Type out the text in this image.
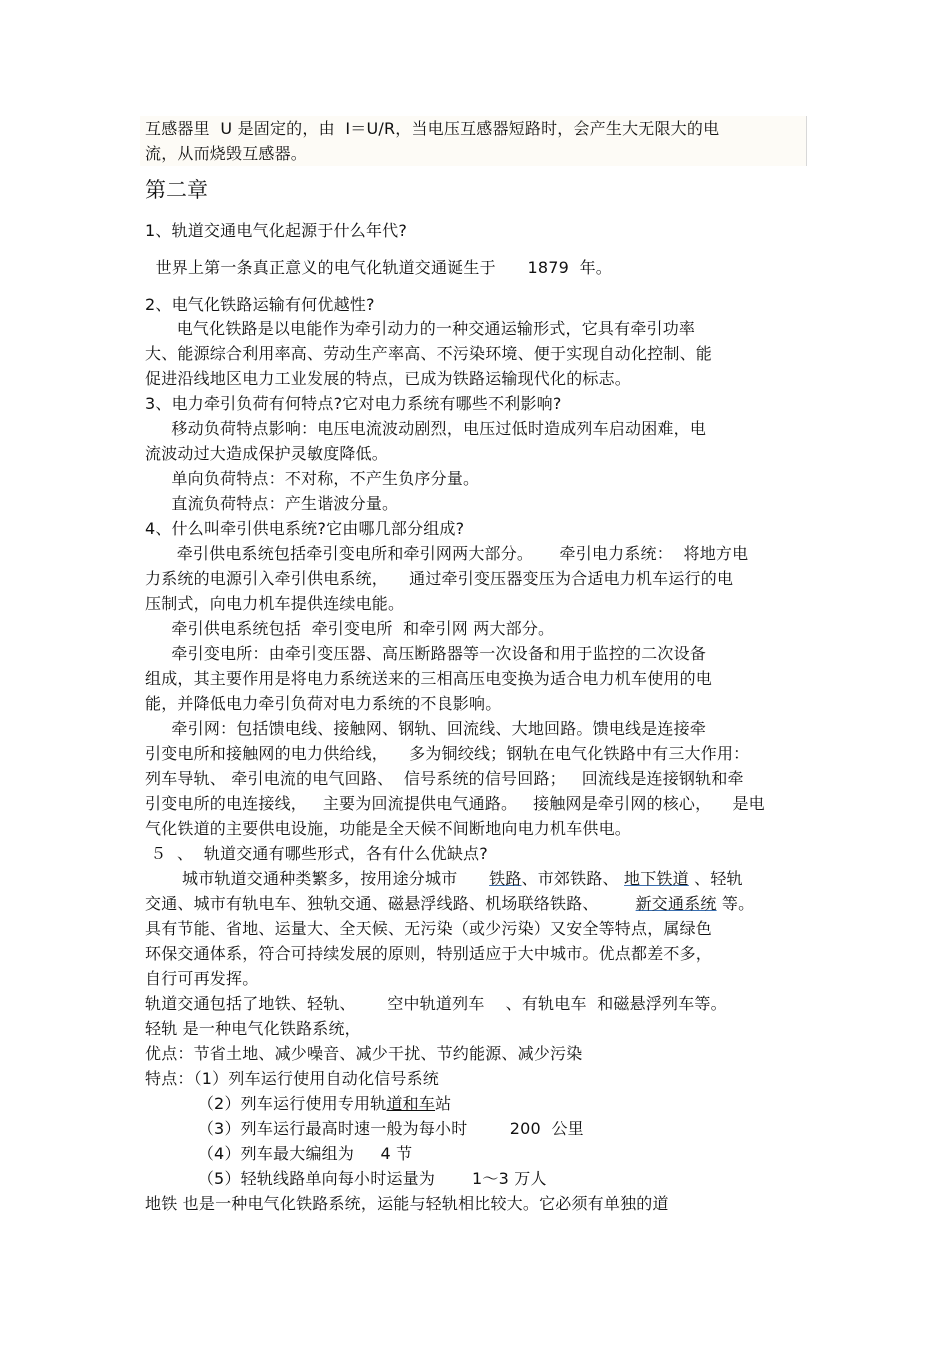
互感器里  U 是固定的，由  I＝U/R，当电压互感器短路时，会产生大无限大的电
流，从而烧毁互感器。
第二章
1、轨道交通电气化起源于什么年代?
世界上第一条真正意义的电气化轨道交通诞生于      1879  年。
2、电气化铁路运输有何优越性?
电气化铁路是以电能作为牵引动力的一种交通运输形式，它具有牵引功率
大、能源综合利用率高、劳动生产率高、不污染环境、便于实现自动化控制、能
促进沿线地区电力工业发展的特点，已成为铁路运输现代化的标志。
3、电力牵引负荷有何特点?它对电力系统有哪些不利影响?
移动负荷特点影响：电压电流波动剧烈，电压过低时造成列车启动困难，电
流波动过大造成保护灵敏度降低。
单向负荷特点：不对称，不产生负序分量。
直流负荷特点：产生谐波分量。
4、什么叫牵引供电系统?它由哪几部分组成?
牵引供电系统包括牵引变电所和牵引网两大部分。     牵引电力系统：  将地方电
力系统的电源引入牵引供电系统，    通过牵引变压器变压为合适电力机车运行的电
压制式，向电力机车提供连续电能。
牵引供电系统包括  牵引变电所  和牵引网 两大部分。
牵引变电所：由牵引变压器、高压断路器等一次设备和用于监控的二次设备
组成，其主要作用是将电力系统送来的三相高压电变换为适合电力机车使用的电
能，并降低电力牵引负荷对电力系统的不良影响。
牵引网：包括馈电线、接触网、钢轨、回流线、大地回路。馈电线是连接牵
引变电所和接触网的电力供给线，    多为铜绞线；钢轨在电气化铁路中有三大作用：
列车导轨、 牵引电流的电气回路、  信号系统的信号回路；   回流线是连接钢轨和牵
引变电所的电连接线，   主要为回流提供电气通路。   接触网是牵引网的核心，    是电
气化铁道的主要供电设施，功能是全天候不间断地向电力机车供电。
５  、  轨道交通有哪些形式，各有什么优缺点?
城市轨道交通种类繁多，按用途分城市      铁路、市郊铁路、 地下铁道 、轻轨
交通、城市有轨电车、独轨交通、磁悬浮线路、机场联络铁路、       新交通系统 等。
具有节能、省地、运量大、全天候、无污染（或少污染）又安全等特点，属绿色
环保交通体系，符合可持续发展的原则，特别适应于大中城市。优点都差不多，
自行可再发挥。
轨道交通包括了地铁、轻轨、      空中轨道列车    、有轨电车  和磁悬浮列车等。
轻轨 是一种电气化铁路系统，
优点：节省土地、减少噪音、减少干扰、节约能源、减少污染
特点：（1）列车运行使用自动化信号系统
（2）列车运行使用专用轨道和车站
（3）列车运行最高时速一般为每小时        200  公里
（4）列车最大编组为     4 节
（5）轻轨线路单向每小时运量为       1～3 万人
地铁 也是一种电气化铁路系统，运能与轻轨相比较大。它必须有单独的道
